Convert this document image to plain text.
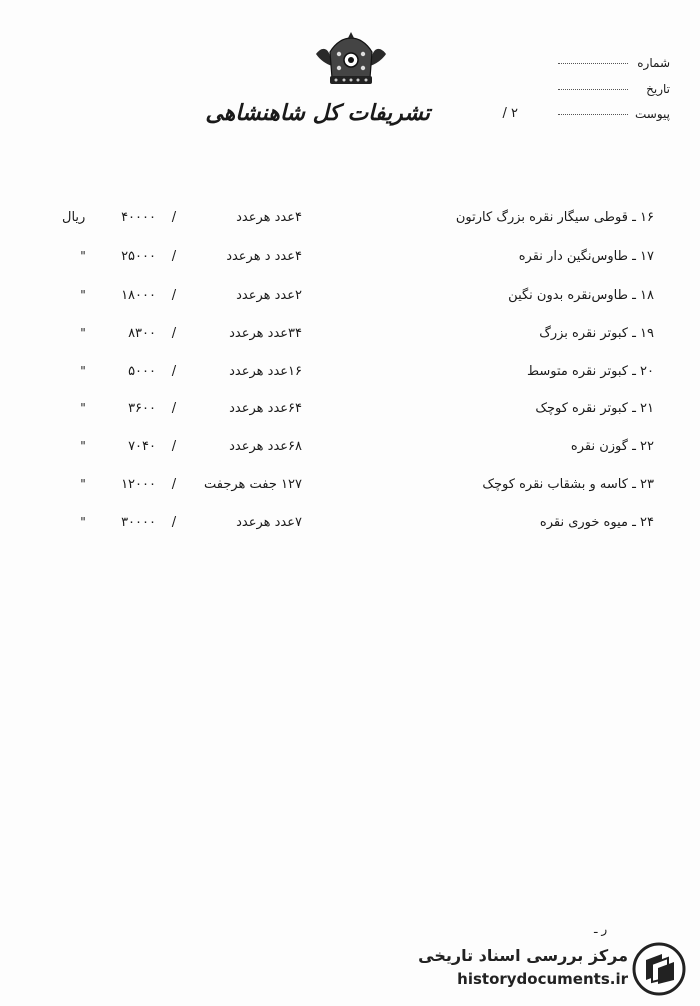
تشریفات کل شاهنشاهی
شماره
تاریخ
پیوست
۲ /
۱۶ ـ قوطی سیگار نقره بزرگ کارتون
۴عدد هرعدد
/
۴۰۰۰۰
ریال
۱۷ ـ طاوس‌نگین دار نقره
۴عدد د هرعدد
/
۲۵۰۰۰
"
۱۸ ـ طاوس‌نقره بدون نگین
۲عدد هرعدد
/
۱۸۰۰۰
"
۱۹ ـ کبوتر نقره بزرگ
۳۴عدد هرعدد
/
۸۳۰۰
"
۲۰ ـ کبوتر نقره متوسط
۱۶عدد هرعدد
/
۵۰۰۰
"
۲۱ ـ کبوتر نقره کوچک
۶۴عدد هرعدد
/
۳۶۰۰
"
۲۲ ـ گوزن نقره
۶۸عدد هرعدد
/
۷۰۴۰
"
۲۳ ـ کاسه و بشقاب نقره کوچک
۱۲۷ جفت هرجفت
/
۱۲۰۰۰
"
۲۴ ـ میوه خوری نقره
۷عدد هرعدد
/
۳۰۰۰۰
"
ر ـ
مرکز بررسی اسناد تاریخی
historydocuments.ir
